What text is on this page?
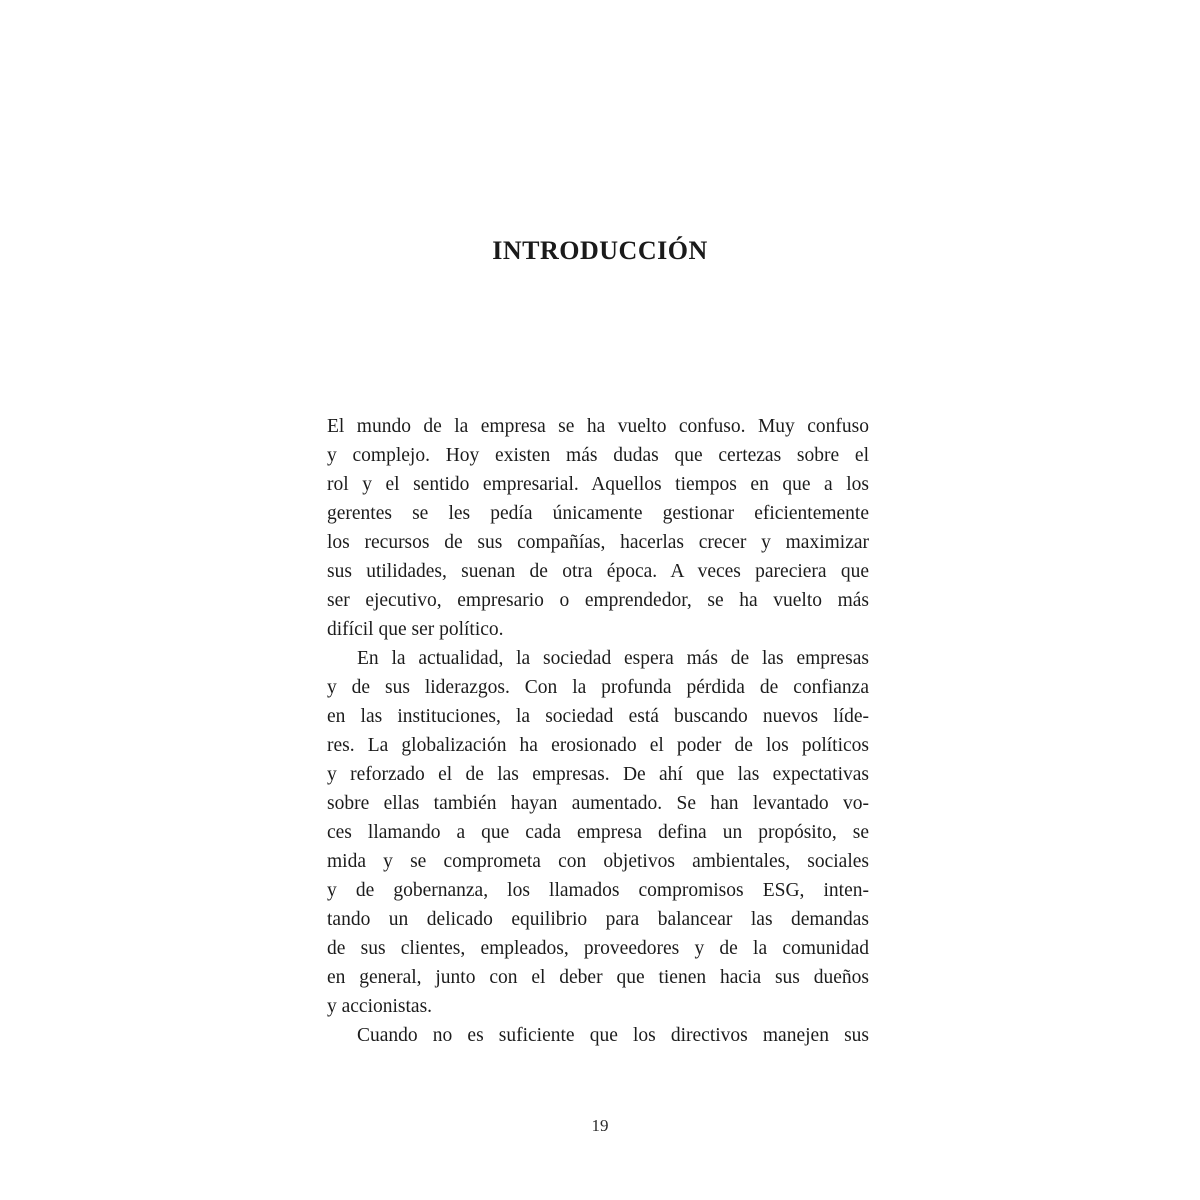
INTRODUCCIÓN
El mundo de la empresa se ha vuelto confuso. Muy confuso
y complejo. Hoy existen más dudas que certezas sobre el
rol y el sentido empresarial. Aquellos tiempos en que a los
gerentes se les pedía únicamente gestionar eficientemente
los recursos de sus compañías, hacerlas crecer y maximizar
sus utilidades, suenan de otra época. A veces pareciera que
ser ejecutivo, empresario o emprendedor, se ha vuelto más
difícil que ser político.
En la actualidad, la sociedad espera más de las empresas
y de sus liderazgos. Con la profunda pérdida de confianza
en las instituciones, la sociedad está buscando nuevos líde-
res. La globalización ha erosionado el poder de los políticos
y reforzado el de las empresas. De ahí que las expectativas
sobre ellas también hayan aumentado. Se han levantado vo-
ces llamando a que cada empresa defina un propósito, se
mida y se comprometa con objetivos ambientales, sociales
y de gobernanza, los llamados compromisos ESG, inten-
tando un delicado equilibrio para balancear las demandas
de sus clientes, empleados, proveedores y de la comunidad
en general, junto con el deber que tienen hacia sus dueños
y accionistas.
Cuando no es suficiente que los directivos manejen sus
19
